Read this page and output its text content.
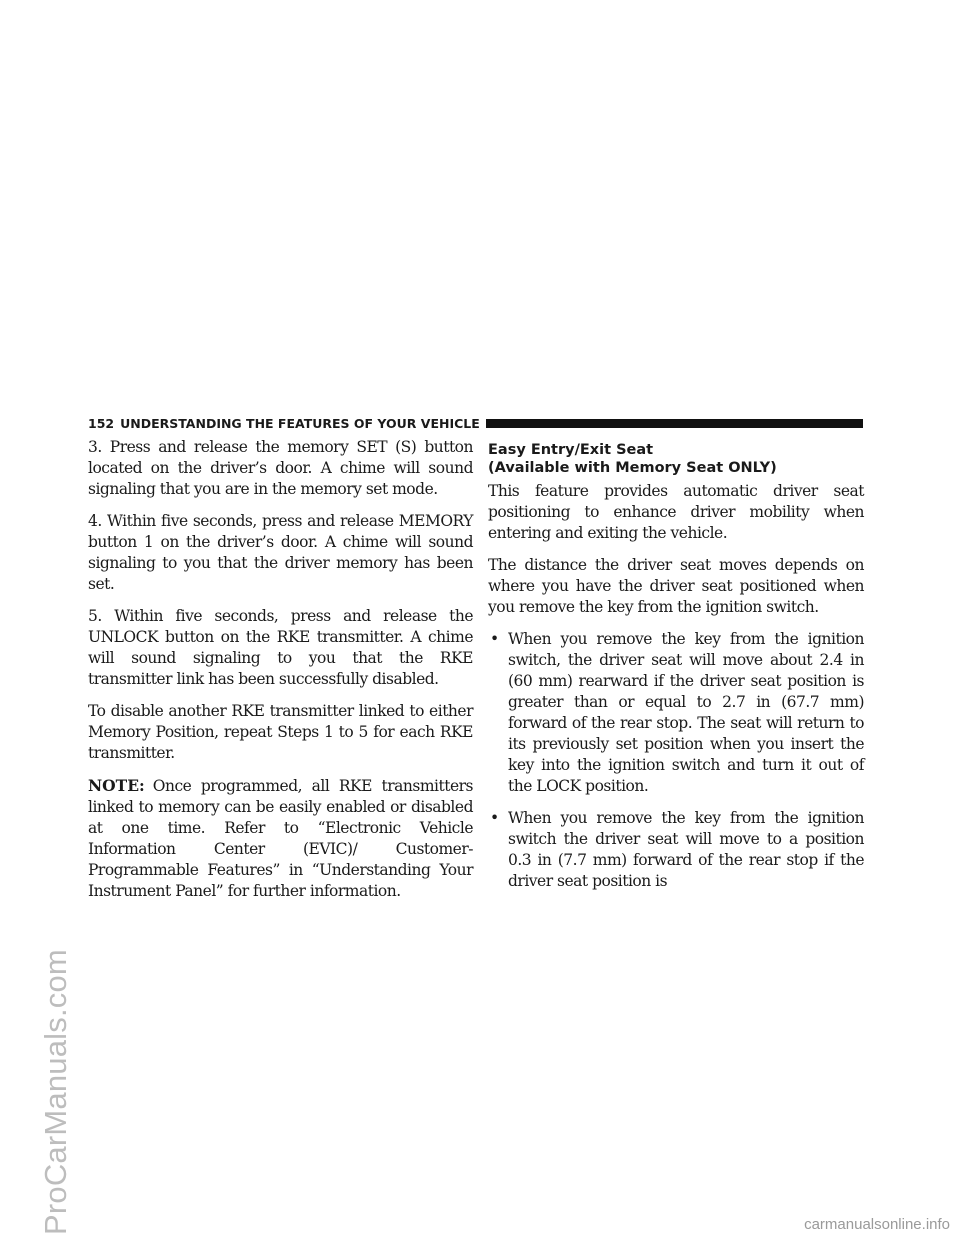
ProCarManuals.com
152 UNDERSTANDING THE FEATURES OF YOUR VEHICLE

3. Press and release the memory SET (S) button located on the driver’s door. A chime will sound signaling that you are in the memory set mode.

4. Within five seconds, press and release MEMORY button 1 on the driver’s door. A chime will sound signaling to you that the driver memory has been set.

5. Within five seconds, press and release the UNLOCK button on the RKE transmitter. A chime will sound signaling to you that the RKE transmitter link has been successfully disabled.

To disable another RKE transmitter linked to either Memory Position, repeat Steps 1 to 5 for each RKE transmitter.

NOTE: Once programmed, all RKE transmitters linked to memory can be easily enabled or disabled at one time. Refer to “Electronic Vehicle Information Center (EVIC)/ Customer-Programmable Features” in “Understanding Your Instrument Panel” for further information.

Easy Entry/Exit Seat
(Available with Memory Seat ONLY)

This feature provides automatic driver seat positioning to enhance driver mobility when entering and exiting the vehicle.

The distance the driver seat moves depends on where you have the driver seat positioned when you remove the key from the ignition switch.

• When you remove the key from the ignition switch, the driver seat will move about 2.4 in (60 mm) rearward if the driver seat position is greater than or equal to 2.7 in (67.7 mm) forward of the rear stop. The seat will return to its previously set position when you insert the key into the ignition switch and turn it out of the LOCK position.
• When you remove the key from the ignition switch the driver seat will move to a position 0.3 in (7.7 mm) forward of the rear stop if the driver seat position is
carmanualsonline.info
